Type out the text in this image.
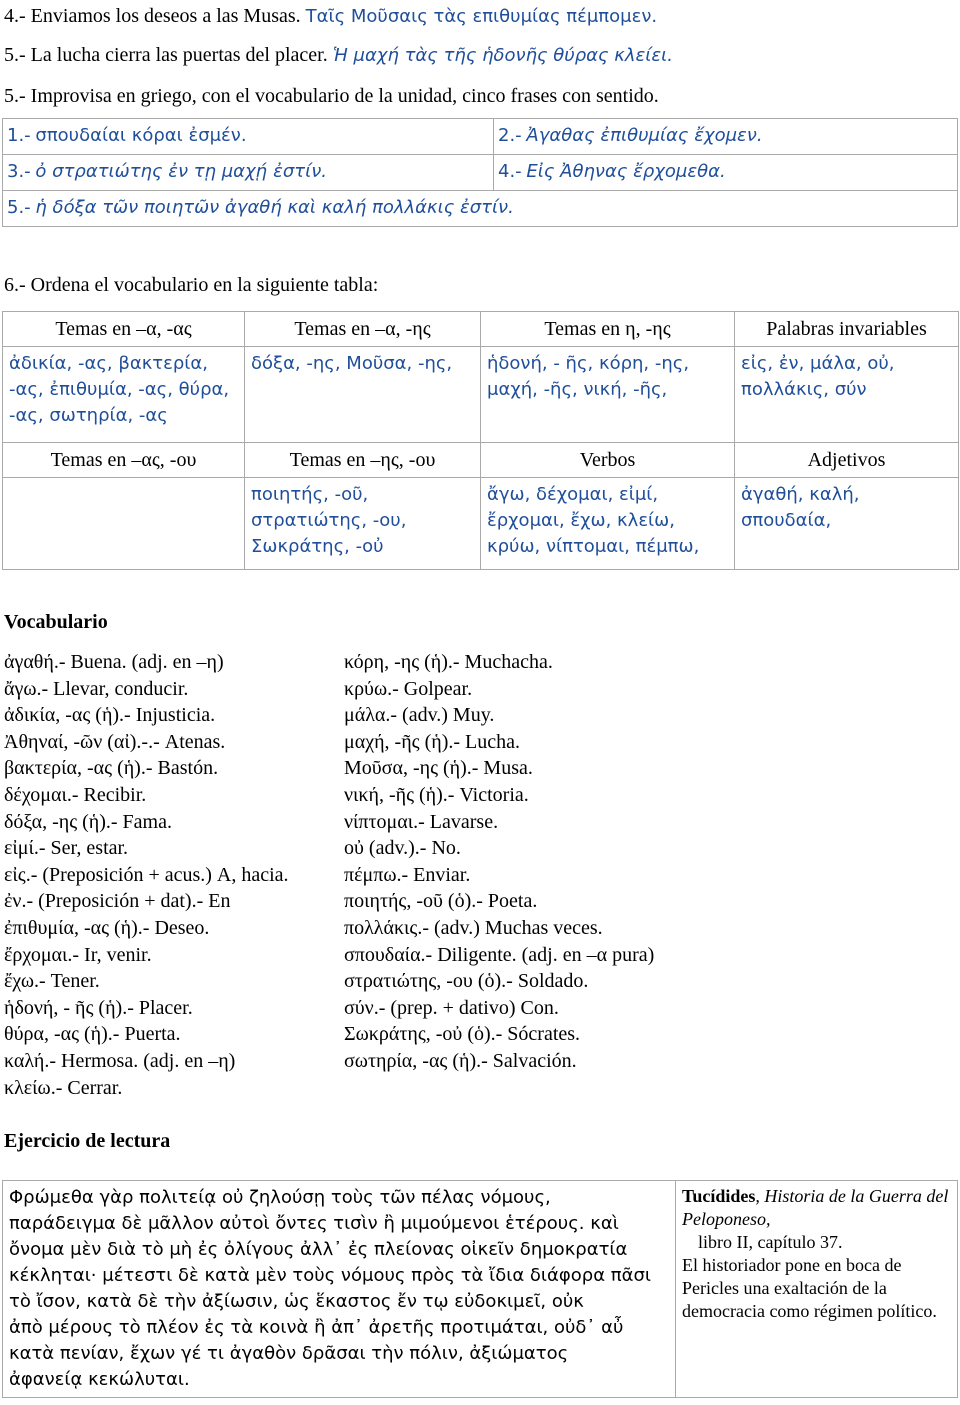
4.- Enviamos los deseos a las Musas. Ταῖς Μοῦσαις τὰς επιθυμίας πέμπομεν.
5.- La lucha cierra las puertas del placer. Ἡ μαχή τὰς τῆς ἡδονῆς θύρας κλείει.
5.- Improvisa en griego, con el vocabulario de la unidad, cinco frases con sentido.
1.- σπουδαίαι κόραι ἐσμέν.	2.- Ἀγαθας ἐπιθυμίας ἔχομεν.
3.- ὀ στρατιώτης ἐν τῃ μαχῄ ἐστίν.	4.- Εἰς Ἀθηνας ἔρχομεθα.
5.- ἡ δόξα τῶν ποιητῶν ἀγαθή καὶ καλή πολλάκις ἐστίν.	
6.- Ordena el vocabulario en la siguiente tabla:
Temas en –α, -ας	Temas en –α, -ης	Temas en η, -ης	Palabras invariables
ἀδικία, -ας, βακτερία, -ας, ἐπιθυμία, -ας, θύρα, -ας, σωτηρία, -ας	δόξα, -ης, Μοῦσα, -ης,	ἡδονή, - ῆς, κόρη, -ης, μαχή, -ῆς, νική, -ῆς,	εἰς, ἐν, μάλα, οὐ, πολλάκις, σύν
Temas en –ας, -ου	Temas en –ης, -ου	Verbos	Adjetivos
	ποιητής, -οῦ, στρατιώτης, -ου, Σωκράτης, -οὐ	ἄγω, δέχομαι, εἰμί, ἔρχομαι, ἔχω, κλείω, κρύω, νίπτομαι, πέμπω,	ἀγαθή, καλή, σπουδαία,
Vocabulario
ἀγαθή.- Buena. (adj. en –η)
ἄγω.- Llevar, conducir.
ἀδικία, -ας (ἡ).- Injusticia.
Ἀθηναί, -ῶν (αἰ).-.- Atenas.
βακτερία, -ας (ἡ).- Bastón.
δέχομαι.- Recibir.
δόξα, -ης (ἡ).- Fama.
εἰμί.- Ser, estar.
εἰς.- (Preposición + acus.) A, hacia.
ἐν.- (Preposición + dat).- En
ἐπιθυμία, -ας (ἡ).- Deseo.
ἔρχομαι.- Ir, venir.
ἔχω.- Tener.
ἡδονή, - ῆς (ἡ).- Placer.
θύρα, -ας (ἡ).- Puerta.
καλή.- Hermosa. (adj. en –η)
κλείω.- Cerrar.
κόρη, -ης (ἡ).- Muchacha.
κρύω.- Golpear.
μάλα.- (adv.) Muy.
μαχή, -ῆς (ἡ).- Lucha.
Μοῦσα, -ης (ἡ).- Musa.
νική, -ῆς (ἡ).- Victoria.
νίπτομαι.- Lavarse.
οὐ (adv.).- No.
πέμπω.- Enviar.
ποιητής, -οῦ (ὁ).- Poeta.
πολλάκις.- (adv.) Muchas veces.
σπουδαία.- Diligente. (adj. en –α pura)
στρατιώτης, -ου (ὁ).- Soldado.
σύν.- (prep. + dativo) Con.
Σωκράτης, -οὐ (ὁ).- Sócrates.
σωτηρία, -ας (ἡ).- Salvación.
Ejercicio de lectura
Φρώμεθα γὰρ πολιτείᾳ οὐ ζηλούσῃ τοὺς τῶν πέλας νόμους,
παράδειγμα δὲ μᾶλλον αὐτοὶ ὄντες τισὶν ἢ μιμούμενοι ἑτέρους. καὶ
ὄνομα μὲν διὰ τὸ μὴ ἐς ὀλίγους ἀλλ᾽ ἐς πλείονας οἰκεῖν δημοκρατία
κέκληται· μέτεστι δὲ κατὰ μὲν τοὺς νόμους πρὸς τὰ ἴδια διάφορα πᾶσι
τὸ ἴσον, κατὰ δὲ τὴν ἀξίωσιν, ὡς ἕκαστος ἔν τῳ εὐδοκιμεῖ, οὐκ
ἀπὸ μέρους τὸ πλέον ἐς τὰ κοινὰ ἢ ἀπ᾽ ἀρετῆς προτιμάται, οὐδ᾽ αὖ
κατὰ πενίαν, ἔχων γέ τι ἀγαθὸν δρᾶσαι τὴν πόλιν, ἀξιώματος
ἀφανείᾳ κεκώλυται.

Tucídides, Historia de la Guerra del Peloponeso,
libro II, capítulo 37.
El historiador pone en boca de Pericles una exaltación de la democracia como régimen político.
